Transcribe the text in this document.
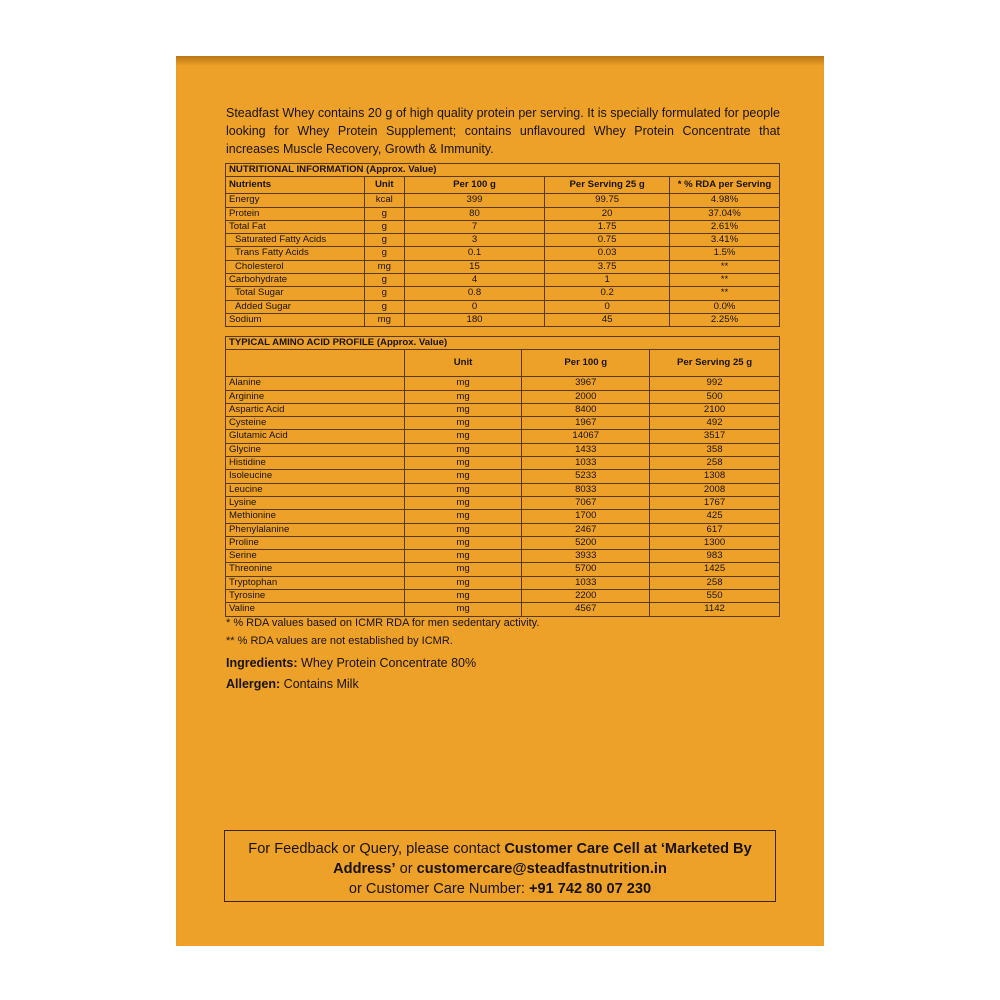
Steadfast Whey contains 20 g of high quality protein per serving. It is specially formulated for people looking for Whey Protein Supplement; contains unflavoured Whey Protein Concentrate that increases Muscle Recovery, Growth & Immunity.

NUTRITIONAL INFORMATION (Approx. Value)				
Nutrients	Unit	Per 100 g	Per Serving 25 g	* % RDA per Serving
Energy	kcal	399	99.75	4.98%
Protein	g	80	20	37.04%
Total Fat	g	7	1.75	2.61%
Saturated Fatty Acids	g	3	0.75	3.41%
Trans Fatty Acids	g	0.1	0.03	1.5%
Cholesterol	mg	15	3.75	**
Carbohydrate	g	4	1	**
Total Sugar	g	0.8	0.2	**
Added Sugar	g	0	0	0.0%
Sodium	mg	180	45	2.25%
TYPICAL AMINO ACID PROFILE (Approx. Value)			
	Unit	Per 100 g	Per Serving 25 g
Alanine	mg	3967	992
Arginine	mg	2000	500
Aspartic Acid	mg	8400	2100
Cysteine	mg	1967	492
Glutamic Acid	mg	14067	3517
Glycine	mg	1433	358
Histidine	mg	1033	258
Isoleucine	mg	5233	1308
Leucine	mg	8033	2008
Lysine	mg	7067	1767
Methionine	mg	1700	425
Phenylalanine	mg	2467	617
Proline	mg	5200	1300
Serine	mg	3933	983
Threonine	mg	5700	1425
Tryptophan	mg	1033	258
Tyrosine	mg	2200	550
Valine	mg	4567	1142

* % RDA values based on ICMR RDA for men sedentary activity.

** % RDA values are not established by ICMR.

Ingredients: Whey Protein Concentrate 80%

Allergen: Contains Milk

For Feedback or Query, please contact Customer Care Cell at ‘Marketed By
Address’ or customercare@steadfastnutrition.in
or Customer Care Number: +91 742 80 07 230
